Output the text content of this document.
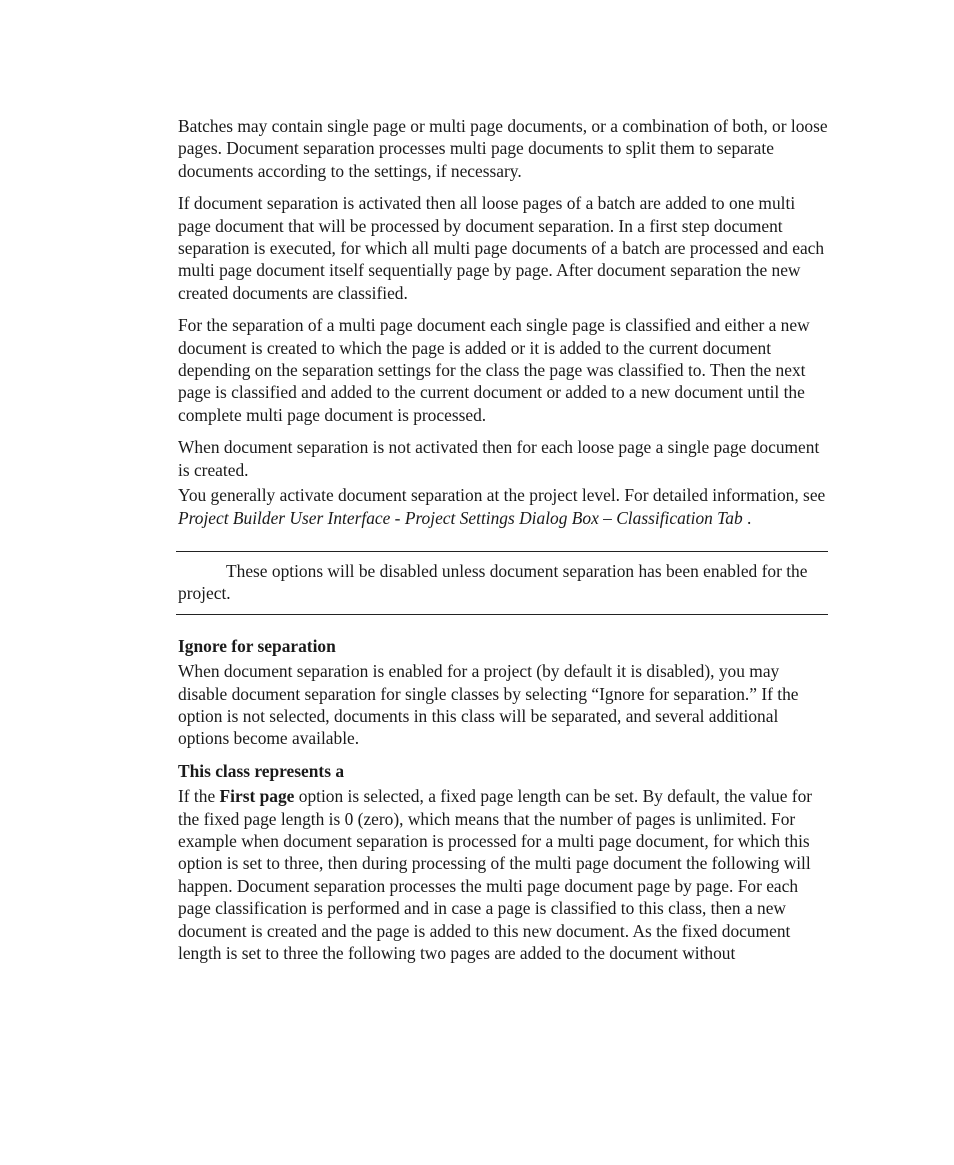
Batches may contain single page or multi page documents, or a combination of both, or loose pages. Document separation processes multi page documents to split them to separate documents according to the settings, if necessary.

If document separation is activated then all loose pages of a batch are added to one multi page document that will be processed by document separation. In a first step document separation is executed, for which all multi page documents of a batch are processed and each multi page document itself sequentially page by page. After document separation the new created documents are classified.

For the separation of a multi page document each single page is classified and either a new document is created to which the page is added or it is added to the current document depending on the separation settings for the class the page was classified to. Then the next page is classified and added to the current document or added to a new document until the complete multi page document is processed.

When document separation is not activated then for each loose page a single page document is created.

You generally activate document separation at the project level. For detailed information, see Project Builder User Interface - Project Settings Dialog Box – Classification Tab .

These options will be disabled unless document separation has been enabled for the project.

Ignore for separation

When document separation is enabled for a project (by default it is disabled), you may disable document separation for single classes by selecting “Ignore for separation.” If the option is not selected, documents in this class will be separated, and several additional options become available.

This class represents a

If the First page option is selected, a fixed page length can be set. By default, the value for the fixed page length is 0 (zero), which means that the number of pages is unlimited. For example when document separation is processed for a multi page document, for which this option is set to three, then during processing of the multi page document the following will happen. Document separation processes the multi page document page by page. For each page classification is performed and in case a page is classified to this class, then a new document is created and the page is added to this new document. As the fixed document length is set to three the following two pages are added to the document without
